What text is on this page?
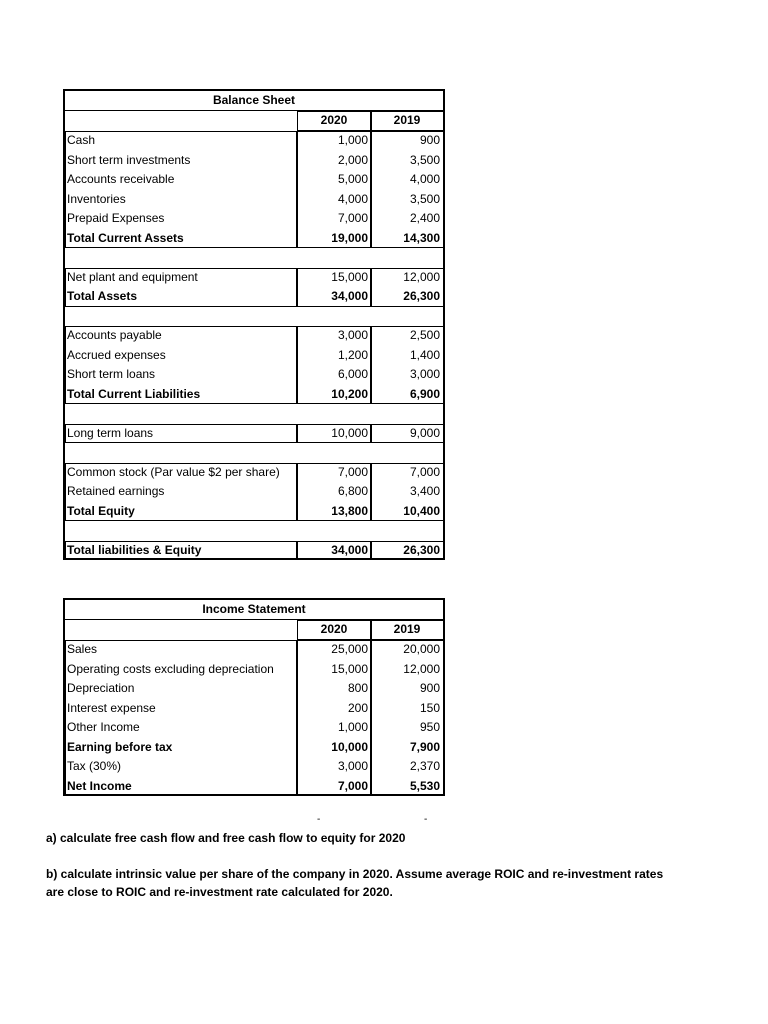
Balance Sheet
2020	2019
Cash	1,000	900
Short term investments	2,000	3,500
Accounts receivable	5,000	4,000
Inventories	4,000	3,500
Prepaid Expenses	7,000	2,400
Total Current Assets	19,000	14,300
Net plant and equipment	15,000	12,000
Total Assets	34,000	26,300
Accounts payable	3,000	2,500
Accrued expenses	1,200	1,400
Short term loans	6,000	3,000
Total Current Liabilities	10,200	6,900
Long term loans	10,000	9,000
Common stock (Par value $2 per share)	7,000	7,000
Retained earnings	6,800	3,400
Total Equity	13,800	10,400
Total liabilities & Equity	34,000	26,300
Income Statement
2020	2019
Sales	25,000	20,000
Operating costs excluding depreciation	15,000	12,000
Depreciation	800	900
Interest expense	200	150
Other Income	1,000	950
Earning before tax	10,000	7,900
Tax (30%)	3,000	2,370
Net Income	7,000	5,530
-	-
a) calculate free cash flow and free cash flow to equity for 2020
b) calculate intrinsic value per share of the company in 2020. Assume average ROIC and re-investment rates are close to ROIC and re-investment rate calculated for 2020.
